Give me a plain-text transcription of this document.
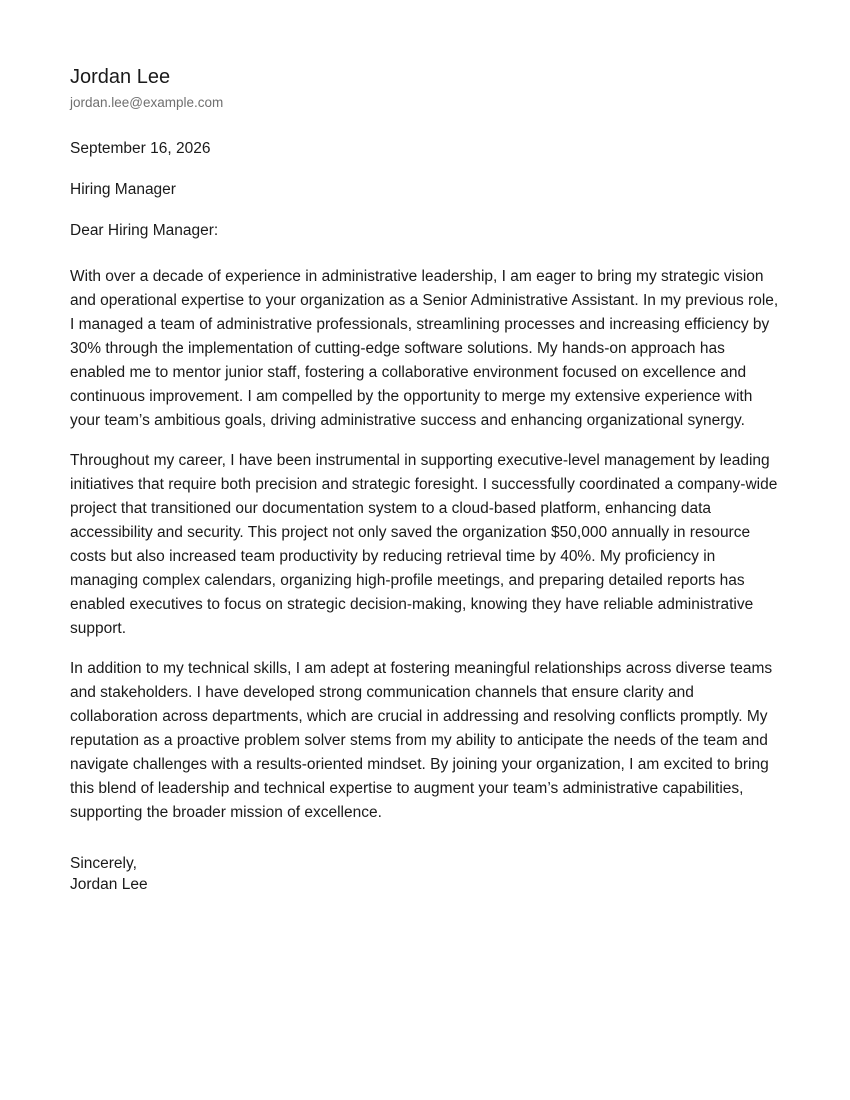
Jordan Lee
jordan.lee@example.com
September 16, 2026
Hiring Manager
Dear Hiring Manager:

With over a decade of experience in administrative leadership, I am eager to bring my strategic vision and operational expertise to your organization as a Senior Administrative Assistant. In my previous role, I managed a team of administrative professionals, streamlining processes and increasing efficiency by 30% through the implementation of cutting-edge software solutions. My hands-on approach has enabled me to mentor junior staff, fostering a collaborative environment focused on excellence and continuous improvement. I am compelled by the opportunity to merge my extensive experience with your team’s ambitious goals, driving administrative success and enhancing organizational synergy.

Throughout my career, I have been instrumental in supporting executive-level management by leading initiatives that require both precision and strategic foresight. I successfully coordinated a company-wide project that transitioned our documentation system to a cloud-based platform, enhancing data accessibility and security. This project not only saved the organization $50,000 annually in resource costs but also increased team productivity by reducing retrieval time by 40%. My proficiency in managing complex calendars, organizing high-profile meetings, and preparing detailed reports has enabled executives to focus on strategic decision-making, knowing they have reliable administrative support.

In addition to my technical skills, I am adept at fostering meaningful relationships across diverse teams and stakeholders. I have developed strong communication channels that ensure clarity and collaboration across departments, which are crucial in addressing and resolving conflicts promptly. My reputation as a proactive problem solver stems from my ability to anticipate the needs of the team and navigate challenges with a results-oriented mindset. By joining your organization, I am excited to bring this blend of leadership and technical expertise to augment your team’s administrative capabilities, supporting the broader mission of excellence.

Sincerely,
Jordan Lee
